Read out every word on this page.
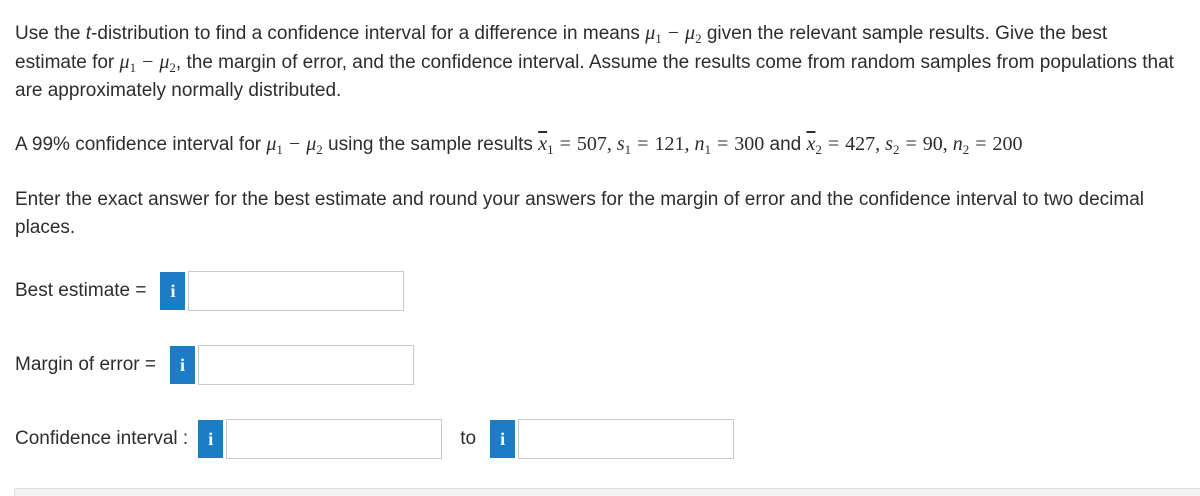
Use the t-distribution to find a confidence interval for a difference in means $\mu_1 - \mu_2$ given the relevant sample results. Give the best estimate for $\mu_1 - \mu_2$, the margin of error, and the confidence interval. Assume the results come from random samples from populations that are approximately normally distributed.

A 99% confidence interval for $\mu_1 - \mu_2$ using the sample results $\overline{x}_1 = 507$, $s_1 = 121$, $n_1 = 300$ and $\overline{x}_2 = 427$, $s_2 = 90$, $n_2 = 200$
Enter the exact answer for the best estimate and round your answers for the margin of error and the confidence interval to two decimal places.
Best estimate =	i
Margin of error =	i
Confidence interval :	i	to	i
